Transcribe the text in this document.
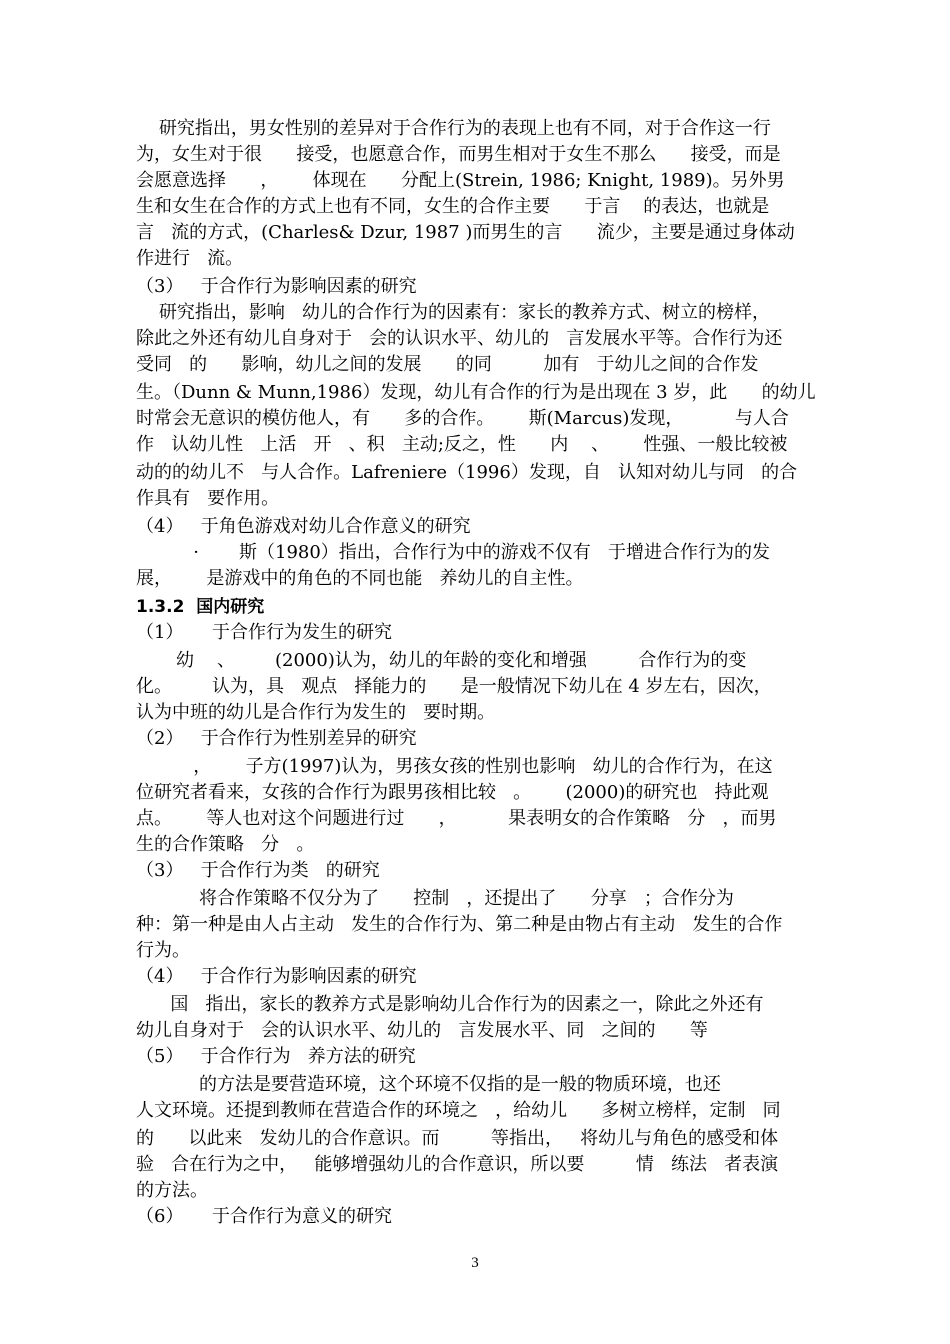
研究指出，男女性别的差异对于合作行为的表现上也有不同，对于合作这一行
为，女生对于很      接受，也愿意合作，而男生相对于女生不那么      接受，而是
会愿意选择      ，      体现在      分配上(Strein, 1986; Knight, 1989)。另外男
生和女生在合作的方式上也有不同，女生的合作主要      于言    的表达，也就是
言   流的方式，(Charles& Dzur, 1987 )而男生的言      流少，主要是通过身体动
作进行   流。
（3）   于合作行为影响因素的研究
研究指出，影响   幼儿的合作行为的因素有：家长的教养方式、树立的榜样，
除此之外还有幼儿自身对于   会的认识水平、幼儿的   言发展水平等。合作行为还
受同   的      影响，幼儿之间的发展      的同         加有   于幼儿之间的合作发
生。（Dunn & Munn,1986）发现，幼儿有合作的行为是出现在 3 岁，此      的幼儿
时常会无意识的模仿他人，有      多的合作。      斯(Marcus)发现，         与人合
作   认幼儿性   上活   开   、积   主动;反之，性      内    、      性强、一般比较被
动的的幼儿不   与人合作。Lafreniere（1996）发现，自   认知对幼儿与同   的合
作具有   要作用。
（4）   于角色游戏对幼儿合作意义的研究
·       斯（1980）指出，合作行为中的游戏不仅有   于增进合作行为的发
展，      是游戏中的角色的不同也能   养幼儿的自主性。
1.3.2  国内研究
（1）     于合作行为发生的研究
幼    、       (2000)认为，幼儿的年龄的变化和增强         合作行为的变
化。       认为，具   观点   择能力的      是一般情况下幼儿在 4 岁左右，因次，
认为中班的幼儿是合作行为发生的   要时期。
（2）   于合作行为性别差异的研究
，      子方(1997)认为，男孩女孩的性别也影响   幼儿的合作行为，在这
位研究者看来，女孩的合作行为跟男孩相比较   。      (2000)的研究也   持此观
点。      等人也对这个问题进行过      ，         果表明女的合作策略   分   ，而男
生的合作策略   分   。
（3）   于合作行为类   的研究
将合作策略不仅分为了      控制   ，还提出了      分享   ；合作分为
种：第一种是由人占主动   发生的合作行为、第二种是由物占有主动   发生的合作
行为。
（4）   于合作行为影响因素的研究
国   指出，家长的教养方式是影响幼儿合作行为的因素之一，除此之外还有
幼儿自身对于   会的认识水平、幼儿的   言发展水平、同   之间的      等
（5）   于合作行为   养方法的研究
的方法是要营造环境，这个环境不仅指的是一般的物质环境，也还
人文环境。还提到教师在营造合作的环境之   ，给幼儿      多树立榜样，定制   同
的      以此来   发幼儿的合作意识。而         等指出，   将幼儿与角色的感受和体
验   合在行为之中，   能够增强幼儿的合作意识，所以要         情   练法   者表演
的方法。
（6）     于合作行为意义的研究
3
